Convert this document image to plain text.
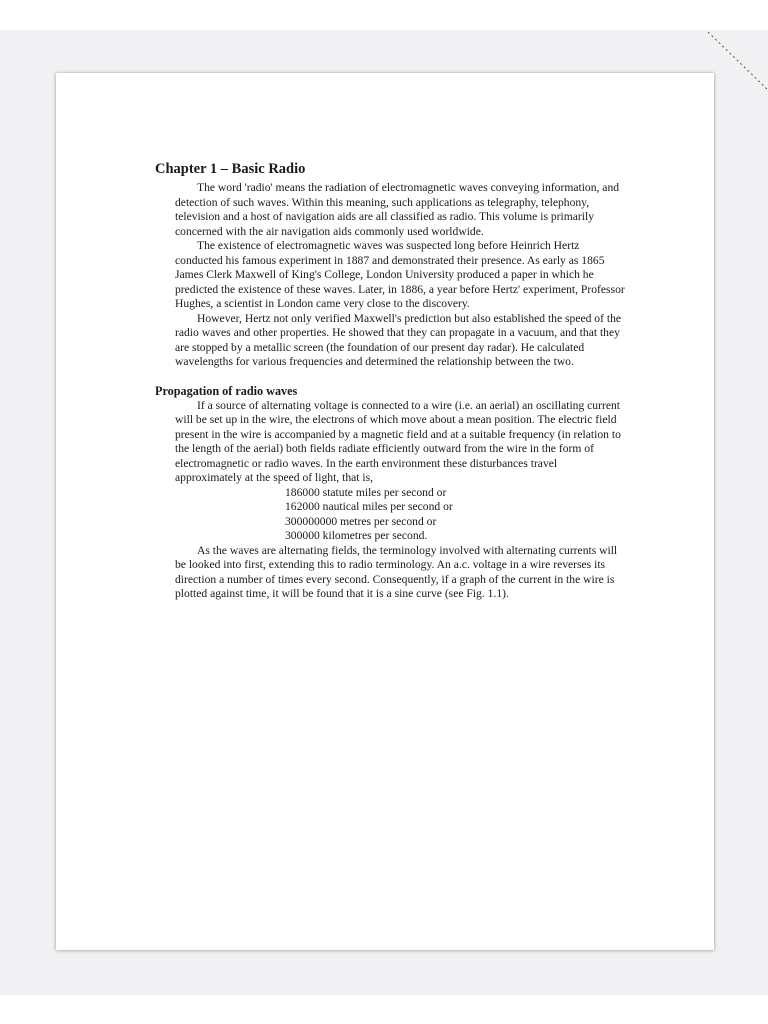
Chapter 1 – Basic Radio

The word 'radio' means the radiation of electromagnetic waves conveying information, and detection of such waves. Within this meaning, such applications as telegraphy, telephony, television and a host of navigation aids are all classified as radio. This volume is primarily concerned with the air navigation aids commonly used worldwide.

The existence of electromagnetic waves was suspected long before Heinrich Hertz conducted his famous experiment in 1887 and demonstrated their presence. As early as 1865 James Clerk Maxwell of King's College, London University produced a paper in which he predicted the existence of these waves. Later, in 1886, a year before Hertz' experiment, Professor Hughes, a scientist in London came very close to the discovery.

However, Hertz not only verified Maxwell's prediction but also established the speed of the radio waves and other properties. He showed that they can propagate in a vacuum, and that they are stopped by a metallic screen (the foundation of our present day radar). He calculated wavelengths for various frequencies and determined the relationship between the two.

Propagation of radio waves

If a source of alternating voltage is connected to a wire (i.e. an aerial) an oscillating current will be set up in the wire, the electrons of which move about a mean position. The electric field present in the wire is accompanied by a magnetic field and at a suitable frequency (in relation to the length of the aerial) both fields radiate efficiently outward from the wire in the form of electromagnetic or radio waves. In the earth environment these disturbances travel approximately at the speed of light, that is,

186000 statute miles per second or
162000 nautical miles per second or
300000000 metres per second or
300000 kilometres per second.

As the waves are alternating fields, the terminology involved with alternating currents will be looked into first, extending this to radio terminology. An a.c. voltage in a wire reverses its direction a number of times every second. Consequently, if a graph of the current in the wire is plotted against time, it will be found that it is a sine curve (see Fig. 1.1).
